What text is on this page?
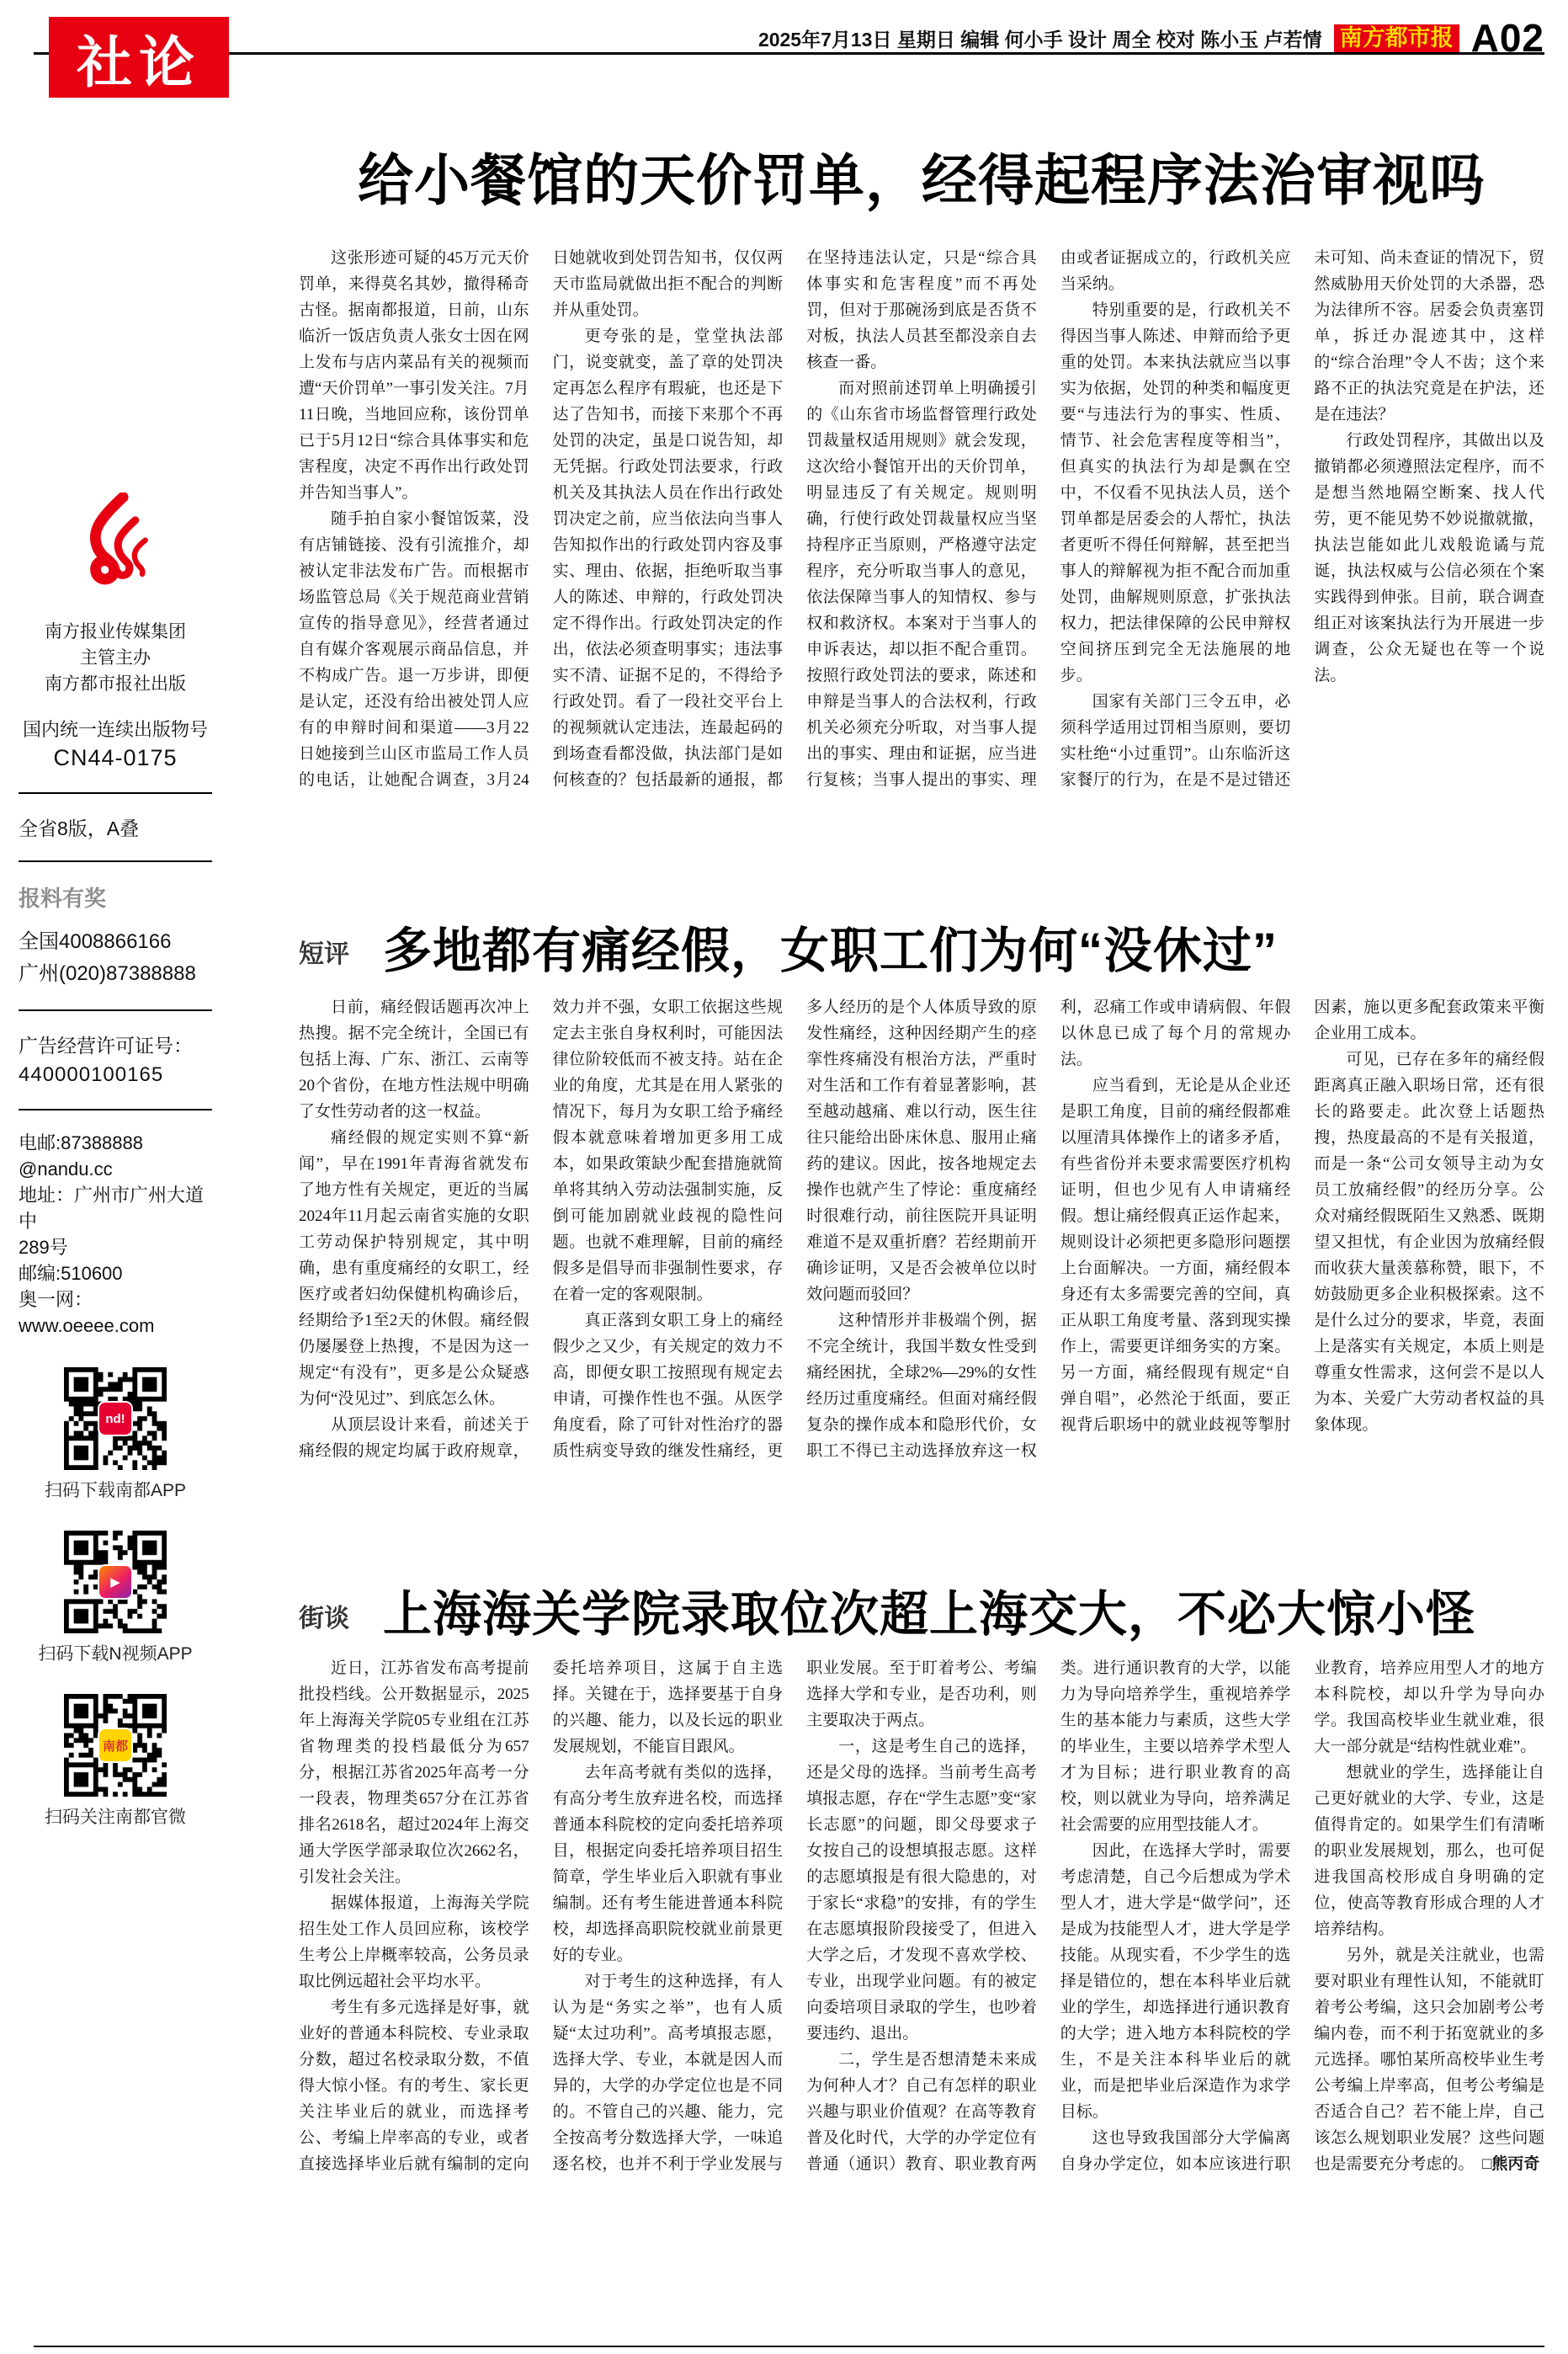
社论	2025年7月13日 星期日 编辑 何小手 设计 周全 校对 陈小玉 卢若情 南方都市报 A02
南方报业传媒集团
主管主办
南方都市报社出版
国内统一连续出版物号
CN44-0175
全省8版，A叠
报料有奖
全国4008866166
广州(020)87388888
广告经营许可证号：
440000100165
电邮:87388888
@nandu.cc
地址：广州市广州大道中
289号
邮编:510600
奥一网：
www.oeeee.com
nd!
扫码下载南都APP
▶
扫码下载N视频APP
南都
扫码关注南都官微
给小餐馆的天价罚单，经得起程序法治审视吗

这张形迹可疑的45万元天价罚单，来得莫名其妙，撤得稀奇古怪。据南都报道，日前，山东临沂一饭店负责人张女士因在网上发布与店内菜品有关的视频而遭“天价罚单”一事引发关注。7月11日晚，当地回应称，该份罚单已于5月12日“综合具体事实和危害程度，决定不再作出行政处罚并告知当事人”。

随手拍自家小餐馆饭菜，没有店铺链接、没有引流推介，却被认定非法发布广告。而根据市场监管总局《关于规范商业营销宣传的指导意见》，经营者通过自有媒介客观展示商品信息，并不构成广告。退一万步讲，即便是认定，还没有给出被处罚人应有的申辩时间和渠道——3月22日她接到兰山区市监局工作人员的电话，让她配合调查，3月24日她就收到处罚告知书，仅仅两天市监局就做出拒不配合的判断并从重处罚。

更夸张的是，堂堂执法部门，说变就变，盖了章的处罚决定再怎么程序有瑕疵，也还是下达了告知书，而接下来那个不再处罚的决定，虽是口说告知，却无凭据。行政处罚法要求，行政机关及其执法人员在作出行政处罚决定之前，应当依法向当事人告知拟作出的行政处罚内容及事实、理由、依据，拒绝听取当事人的陈述、申辩的，行政处罚决定不得作出。行政处罚决定的作出，依法必须查明事实；违法事实不清、证据不足的，不得给予行政处罚。看了一段社交平台上的视频就认定违法，连最起码的到场查看都没做，执法部门是如何核查的？包括最新的通报，都在坚持违法认定，只是“综合具体事实和危害程度”而不再处罚，但对于那碗汤到底是否货不对板，执法人员甚至都没亲自去核查一番。

而对照前述罚单上明确援引的《山东省市场监督管理行政处罚裁量权适用规则》就会发现，这次给小餐馆开出的天价罚单，明显违反了有关规定。规则明确，行使行政处罚裁量权应当坚持程序正当原则，严格遵守法定程序，充分听取当事人的意见，依法保障当事人的知情权、参与权和救济权。本案对于当事人的申诉表达，却以拒不配合重罚。按照行政处罚法的要求，陈述和申辩是当事人的合法权利，行政机关必须充分听取，对当事人提出的事实、理由和证据，应当进行复核；当事人提出的事实、理由或者证据成立的，行政机关应当采纳。

特别重要的是，行政机关不得因当事人陈述、申辩而给予更重的处罚。本来执法就应当以事实为依据，处罚的种类和幅度更要“与违法行为的事实、性质、情节、社会危害程度等相当”，但真实的执法行为却是飘在空中，不仅看不见执法人员，送个罚单都是居委会的人帮忙，执法者更听不得任何辩解，甚至把当事人的辩解视为拒不配合而加重处罚，曲解规则原意，扩张执法权力，把法律保障的公民申辩权空间挤压到完全无法施展的地步。

国家有关部门三令五申，必须科学适用过罚相当原则，要切实杜绝“小过重罚”。山东临沂这家餐厅的行为，在是不是过错还未可知、尚未查证的情况下，贸然威胁用天价处罚的大杀器，恐为法律所不容。居委会负责塞罚单，拆迁办混迹其中，这样的“综合治理”令人不齿；这个来路不正的执法究竟是在护法，还是在违法？

行政处罚程序，其做出以及撤销都必须遵照法定程序，而不是想当然地隔空断案、找人代劳，更不能见势不妙说撤就撤，执法岂能如此儿戏般诡谲与荒诞，执法权威与公信必须在个案实践得到伸张。目前，联合调查组正对该案执法行为开展进一步调查，公众无疑也在等一个说法。

短评 多地都有痛经假，女职工们为何“没休过”

日前，痛经假话题再次冲上热搜。据不完全统计，全国已有包括上海、广东、浙江、云南等20个省份，在地方性法规中明确了女性劳动者的这一权益。

痛经假的规定实则不算“新闻”，早在1991年青海省就发布了地方性有关规定，更近的当属2024年11月起云南省实施的女职工劳动保护特别规定，其中明确，患有重度痛经的女职工，经医疗或者妇幼保健机构确诊后，经期给予1至2天的休假。痛经假仍屡屡登上热搜，不是因为这一规定“有没有”，更多是公众疑惑为何“没见过”、到底怎么休。

从顶层设计来看，前述关于痛经假的规定均属于政府规章，效力并不强，女职工依据这些规定去主张自身权利时，可能因法律位阶较低而不被支持。站在企业的角度，尤其是在用人紧张的情况下，每月为女职工给予痛经假本就意味着增加更多用工成本，如果政策缺少配套措施就简单将其纳入劳动法强制实施，反倒可能加剧就业歧视的隐性问题。也就不难理解，目前的痛经假多是倡导而非强制性要求，存在着一定的客观限制。

真正落到女职工身上的痛经假少之又少，有关规定的效力不高，即便女职工按照现有规定去申请，可操作性也不强。从医学角度看，除了可针对性治疗的器质性病变导致的继发性痛经，更多人经历的是个人体质导致的原发性痛经，这种因经期产生的痉挛性疼痛没有根治方法，严重时对生活和工作有着显著影响，甚至越动越痛、难以行动，医生往往只能给出卧床休息、服用止痛药的建议。因此，按各地规定去操作也就产生了悖论：重度痛经时很难行动，前往医院开具证明难道不是双重折磨？若经期前开确诊证明，又是否会被单位以时效问题而驳回？

这种情形并非极端个例，据不完全统计，我国半数女性受到痛经困扰，全球2%—29%的女性经历过重度痛经。但面对痛经假复杂的操作成本和隐形代价，女职工不得已主动选择放弃这一权利，忍痛工作或申请病假、年假以休息已成了每个月的常规办法。

应当看到，无论是从企业还是职工角度，目前的痛经假都难以厘清具体操作上的诸多矛盾，有些省份并未要求需要医疗机构证明，但也少见有人申请痛经假。想让痛经假真正运作起来，规则设计必须把更多隐形问题摆上台面解决。一方面，痛经假本身还有太多需要完善的空间，真正从职工角度考量、落到现实操作上，需要更详细务实的方案。另一方面，痛经假现有规定“自弹自唱”，必然沦于纸面，要正视背后职场中的就业歧视等掣肘因素，施以更多配套政策来平衡企业用工成本。

可见，已存在多年的痛经假距离真正融入职场日常，还有很长的路要走。此次登上话题热搜，热度最高的不是有关报道，而是一条“公司女领导主动为女员工放痛经假”的经历分享。公众对痛经假既陌生又熟悉、既期望又担忧，有企业因为放痛经假而收获大量羡慕称赞，眼下，不妨鼓励更多企业积极探索。这不是什么过分的要求，毕竟，表面上是落实有关规定，本质上则是尊重女性需求，这何尝不是以人为本、关爱广大劳动者权益的具象体现。

街谈 上海海关学院录取位次超上海交大，不必大惊小怪

近日，江苏省发布高考提前批投档线。公开数据显示，2025年上海海关学院05专业组在江苏省物理类的投档最低分为657分，根据江苏省2025年高考一分一段表，物理类657分在江苏省排名2618名，超过2024年上海交通大学医学部录取位次2662名，引发社会关注。

据媒体报道，上海海关学院招生处工作人员回应称，该校学生考公上岸概率较高，公务员录取比例远超社会平均水平。

考生有多元选择是好事，就业好的普通本科院校、专业录取分数，超过名校录取分数，不值得大惊小怪。有的考生、家长更关注毕业后的就业，而选择考公、考编上岸率高的专业，或者直接选择毕业后就有编制的定向委托培养项目，这属于自主选择。关键在于，选择要基于自身的兴趣、能力，以及长远的职业发展规划，不能盲目跟风。

去年高考就有类似的选择，有高分考生放弃进名校，而选择普通本科院校的定向委托培养项目，根据定向委托培养项目招生简章，学生毕业后入职就有事业编制。还有考生能进普通本科院校，却选择高职院校就业前景更好的专业。

对于考生的这种选择，有人认为是“务实之举”，也有人质疑“太过功利”。高考填报志愿，选择大学、专业，本就是因人而异的，大学的办学定位也是不同的。不管自己的兴趣、能力，完全按高考分数选择大学，一味追逐名校，也并不利于学业发展与职业发展。至于盯着考公、考编选择大学和专业，是否功利，则主要取决于两点。

一，这是考生自己的选择，还是父母的选择。当前考生高考填报志愿，存在“学生志愿”变“家长志愿”的问题，即父母要求子女按自己的设想填报志愿。这样的志愿填报是有很大隐患的，对于家长“求稳”的安排，有的学生在志愿填报阶段接受了，但进入大学之后，才发现不喜欢学校、专业，出现学业问题。有的被定向委培项目录取的学生，也吵着要违约、退出。

二，学生是否想清楚未来成为何种人才？自己有怎样的职业兴趣与职业价值观？在高等教育普及化时代，大学的办学定位有普通（通识）教育、职业教育两类。进行通识教育的大学，以能力为导向培养学生，重视培养学生的基本能力与素质，这些大学的毕业生，主要以培养学术型人才为目标；进行职业教育的高校，则以就业为导向，培养满足社会需要的应用型技能人才。

因此，在选择大学时，需要考虑清楚，自己今后想成为学术型人才，进大学是“做学问”，还是成为技能型人才，进大学是学技能。从现实看，不少学生的选择是错位的，想在本科毕业后就业的学生，却选择进行通识教育的大学；进入地方本科院校的学生，不是关注本科毕业后的就业，而是把毕业后深造作为求学目标。

这也导致我国部分大学偏离自身办学定位，如本应该进行职业教育，培养应用型人才的地方本科院校，却以升学为导向办学。我国高校毕业生就业难，很大一部分就是“结构性就业难”。

想就业的学生，选择能让自己更好就业的大学、专业，这是值得肯定的。如果学生们有清晰的职业发展规划，那么，也可促进我国高校形成自身明确的定位，使高等教育形成合理的人才培养结构。

另外，就是关注就业，也需要对职业有理性认知，不能就盯着考公考编，这只会加剧考公考编内卷，而不利于拓宽就业的多元选择。哪怕某所高校毕业生考公考编上岸率高，但考公考编是否适合自己？若不能上岸，自己该怎么规划职业发展？这些问题也是需要充分考虑的。　□熊丙奇
